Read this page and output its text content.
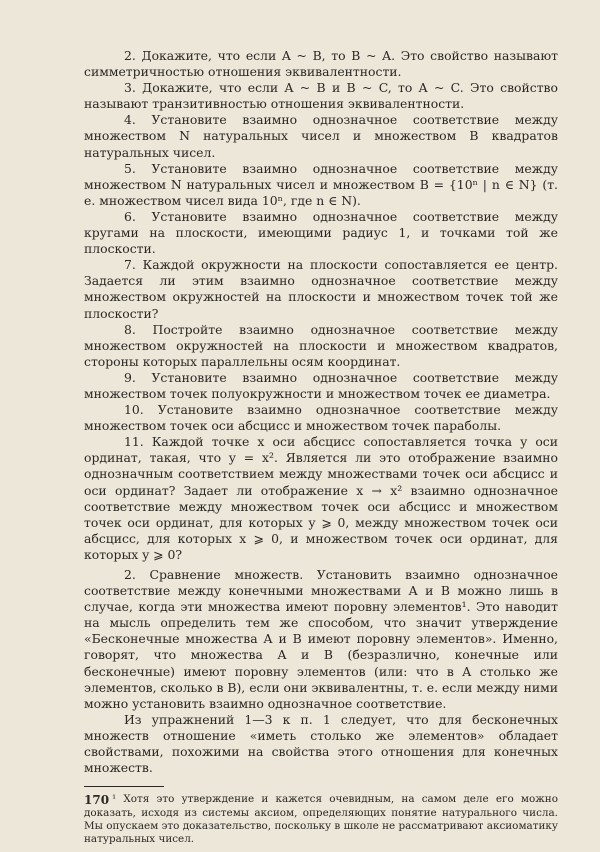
2. Докажите, что если A ~ B, то B ~ A. Это свойство называют симметричностью отношения эквивалентности.

3. Докажите, что если A ~ B и B ~ C, то A ~ C. Это свойство называют транзитивностью отношения эквивалентности.

4. Установите взаимно однозначное соответствие между множеством N натуральных чисел и множеством B квадратов натуральных чисел.

5. Установите взаимно однозначное соответствие между множеством N натуральных чисел и множеством B = {10ⁿ | n ∈ N} (т. е. множеством чисел вида 10ⁿ, где n ∈ N).

6. Установите взаимно однозначное соответствие между кругами на плоскости, имеющими радиус 1, и точками той же плоскости.

7. Каждой окружности на плоскости сопоставляется ее центр. Задается ли этим взаимно однозначное соответствие между множеством окружностей на плоскости и множеством точек той же плоскости?

8. Постройте взаимно однозначное соответствие между множеством окружностей на плоскости и множеством квадратов, стороны которых параллельны осям координат.

9. Установите взаимно однозначное соответствие между множеством точек полуокружности и множеством точек ее диаметра.

10. Установите взаимно однозначное соответствие между множеством точек оси абсцисс и множеством точек параболы.

11. Каждой точке x оси абсцисс сопоставляется точка y оси ординат, такая, что y = x². Является ли это отображение взаимно однозначным соответствием между множествами точек оси абсцисс и оси ординат? Задает ли отображение x → x² взаимно однозначное соответствие между множеством точек оси абсцисс и множеством точек оси ординат, для которых y ⩾ 0, между множеством точек оси абсцисс, для которых x ⩾ 0, и множеством точек оси ординат, для которых y ⩾ 0?

2. Сравнение множеств. Установить взаимно однозначное соответствие между конечными множествами A и B можно лишь в случае, когда эти множества имеют поровну элементов¹. Это наводит на мысль определить тем же способом, что значит утверждение «Бесконечные множества A и B имеют поровну элементов». Именно, говорят, что множества A и B (безразлично, конечные или бесконечные) имеют поровну элементов (или: что в A столько же элементов, сколько в B), если они эквивалентны, т. е. если между ними можно установить взаимно однозначное соответствие.

Из упражнений 1—3 к п. 1 следует, что для бесконечных множеств отношение «иметь столько же элементов» обладает свойствами, похожими на свойства этого отношения для конечных множеств.

¹ Хотя это утверждение и кажется очевидным, на самом деле его можно доказать, исходя из системы аксиом, определяющих понятие натурального числа. Мы опускаем это доказательство, поскольку в школе не рассматривают аксиоматику натуральных чисел.

170
